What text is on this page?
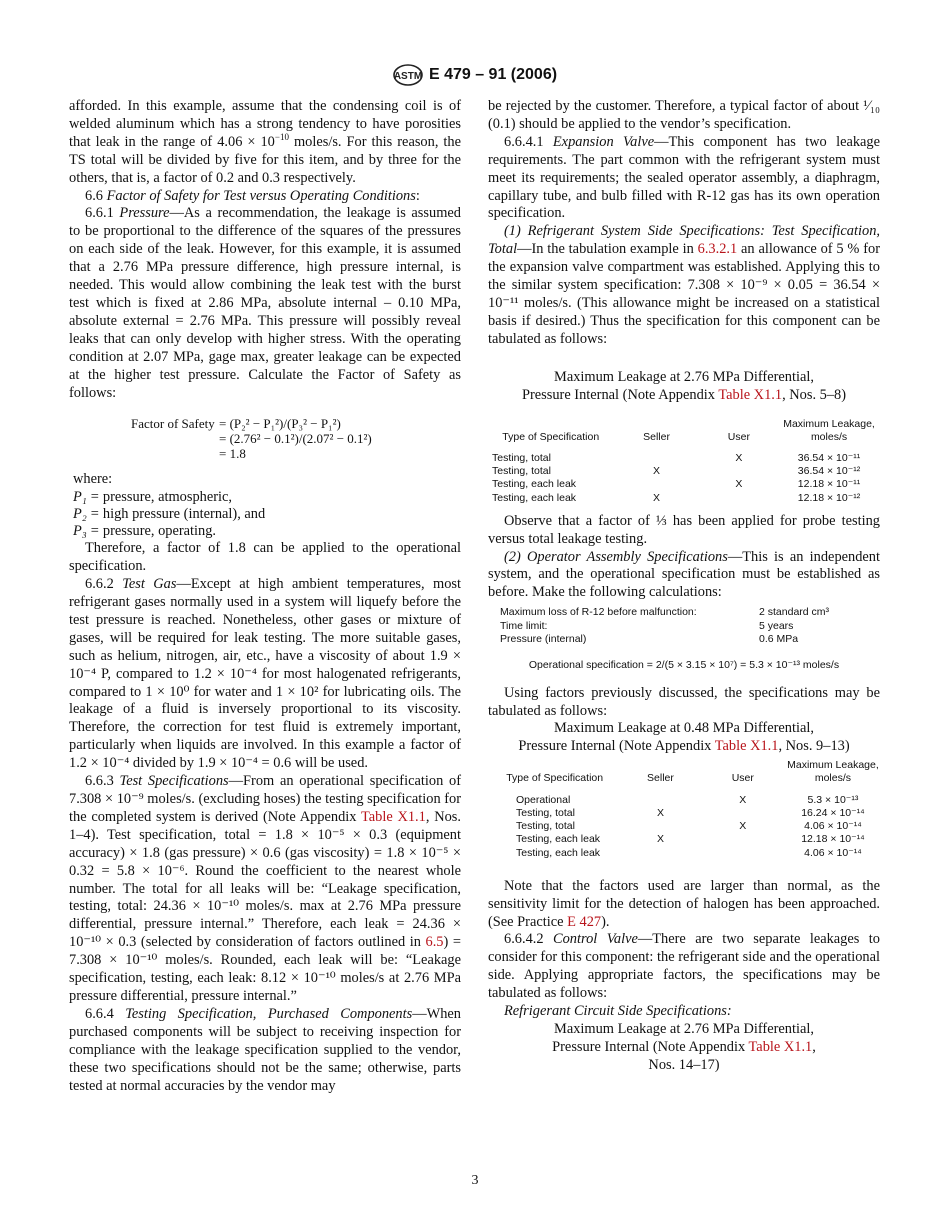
ASTM E 479 – 91 (2006)

afforded. In this example, assume that the condensing coil is of welded aluminum which has a strong tendency to have porosities that leak in the range of $4.06 \times 10^{-10}$ moles/s. For this reason, the TS total will be divided by five for this item, and by three for the others, that is, a factor of 0.2 and 0.3 respectively.

6.6 Factor of Safety for Test versus Operating Conditions:

6.6.1 Pressure—As a recommendation, the leakage is assumed to be proportional to the difference of the squares of the pressures on each side of the leak. However, for this example, it is assumed that a 2.76 MPa pressure difference, high pressure internal, is needed. This would allow combining the leak test with the burst test which is fixed at 2.86 MPa, absolute internal – 0.10 MPa, absolute external = 2.76 MPa. This pressure will possibly reveal leaks that can only develop with higher stress. With the operating condition at 2.07 MPa, gage max, greater leakage can be expected at the higher test pressure. Calculate the Factor of Safety as follows:

Factor of Safety = (P₂² − P₁²)/(P₃² − P₁²)
= (2.76² − 0.1²)/(2.07² − 0.1²)
= 1.8
where:
P₁	=	pressure, atmospheric,
P₂	=	high pressure (internal), and
P₃	=	pressure, operating.

Therefore, a factor of 1.8 can be applied to the operational specification.

6.6.2 Test Gas—Except at high ambient temperatures, most refrigerant gases normally used in a system will liquefy before the test pressure is reached. Nonetheless, other gases or mixture of gases, will be required for leak testing. The more suitable gases, such as helium, nitrogen, air, etc., have a viscosity of about 1.9 × 10⁻⁴ P, compared to 1.2 × 10⁻⁴ for most halogenated refrigerants, compared to 1 × 10⁰ for water and 1 × 10² for lubricating oils. The leakage of a fluid is inversely proportional to its viscosity. Therefore, the correction for test fluid is extremely important, particularly when liquids are involved. In this example a factor of 1.2 × 10⁻⁴ divided by 1.9 × 10⁻⁴ = 0.6 will be used.

6.6.3 Test Specifications—From an operational specification of 7.308 × 10⁻⁹ moles/s. (excluding hoses) the testing specification for the completed system is derived (Note Appendix Table X1.1, Nos. 1–4). Test specification, total = 1.8 × 10⁻⁵ × 0.3 (equipment accuracy) × 1.8 (gas pressure) × 0.6 (gas viscosity) = 1.8 × 10⁻⁵ × 0.32 = 5.8 × 10⁻⁶. Round the coefficient to the nearest whole number. The total for all leaks will be: “Leakage specification, testing, total: 24.36 × 10⁻¹⁰ moles/s. max at 2.76 MPa pressure differential, pressure internal.” Therefore, each leak = 24.36 × 10⁻¹⁰ × 0.3 (selected by consideration of factors outlined in 6.5) = 7.308 × 10⁻¹⁰ moles/s. Rounded, each leak will be: “Leakage specification, testing, each leak: 8.12 × 10⁻¹⁰ moles/s at 2.76 MPa pressure differential, pressure internal.”

6.6.4 Testing Specification, Purchased Components—When purchased components will be subject to receiving inspection for compliance with the leakage specification supplied to the vendor, these two specifications should not be the same; otherwise, parts tested at normal accuracies by the vendor may

be rejected by the customer. Therefore, a typical factor of about ¹⁄₁₀ (0.1) should be applied to the vendor’s specification.

6.6.4.1 Expansion Valve—This component has two leakage requirements. The part common with the refrigerant system must meet its requirements; the sealed operator assembly, a diaphragm, capillary tube, and bulb filled with R-12 gas has its own operation specification.

(1) Refrigerant System Side Specifications: Test Specification, Total—In the tabulation example in 6.3.2.1 an allowance of 5 % for the expansion valve compartment was established. Applying this to the similar system specification: 7.308 × 10⁻⁹ × 0.05 = 36.54 × 10⁻¹¹ moles/s. (This allowance might be increased on a statistical basis if desired.) Thus the specification for this component can be tabulated as follows:

Maximum Leakage at 2.76 MPa Differential,

Pressure Internal (Note Appendix Table X1.1, Nos. 5–8)

Type of Specification	Seller	User	Maximum Leakage, moles/s
Testing, total		X	36.54 × 10⁻¹¹
Testing, total	X		36.54 × 10⁻¹²
Testing, each leak		X	12.18 × 10⁻¹¹
Testing, each leak	X		12.18 × 10⁻¹²

Observe that a factor of ⅓ has been applied for probe testing versus total leakage testing.

(2) Operator Assembly Specifications—This is an independent system, and the operational specification must be established as before. Make the following calculations:

Maximum loss of R-12 before malfunction:	2 standard cm³
Time limit:	5 years
Pressure (internal)	0.6 MPa
Operational specification = 2/(5 × 3.15 × 10⁷) = 5.3 × 10⁻¹³ moles/s

Using factors previously discussed, the specifications may be tabulated as follows:

Maximum Leakage at 0.48 MPa Differential,

Pressure Internal (Note Appendix Table X1.1, Nos. 9–13)

Type of Specification	Seller	User	Maximum Leakage, moles/s
Operational		X	5.3 × 10⁻¹³
Testing, total	X		16.24 × 10⁻¹⁴
Testing, total		X	4.06 × 10⁻¹⁴
Testing, each leak	X		12.18 × 10⁻¹⁴
Testing, each leak			4.06 × 10⁻¹⁴

Note that the factors used are larger than normal, as the sensitivity limit for the detection of halogen has been approached. (See Practice E 427).

6.6.4.2 Control Valve—There are two separate leakages to consider for this component: the refrigerant side and the operational side. Applying appropriate factors, the specifications may be tabulated as follows:

Refrigerant Circuit Side Specifications:

Maximum Leakage at 2.76 MPa Differential,

Pressure Internal (Note Appendix Table X1.1,

Nos. 14–17)

3
